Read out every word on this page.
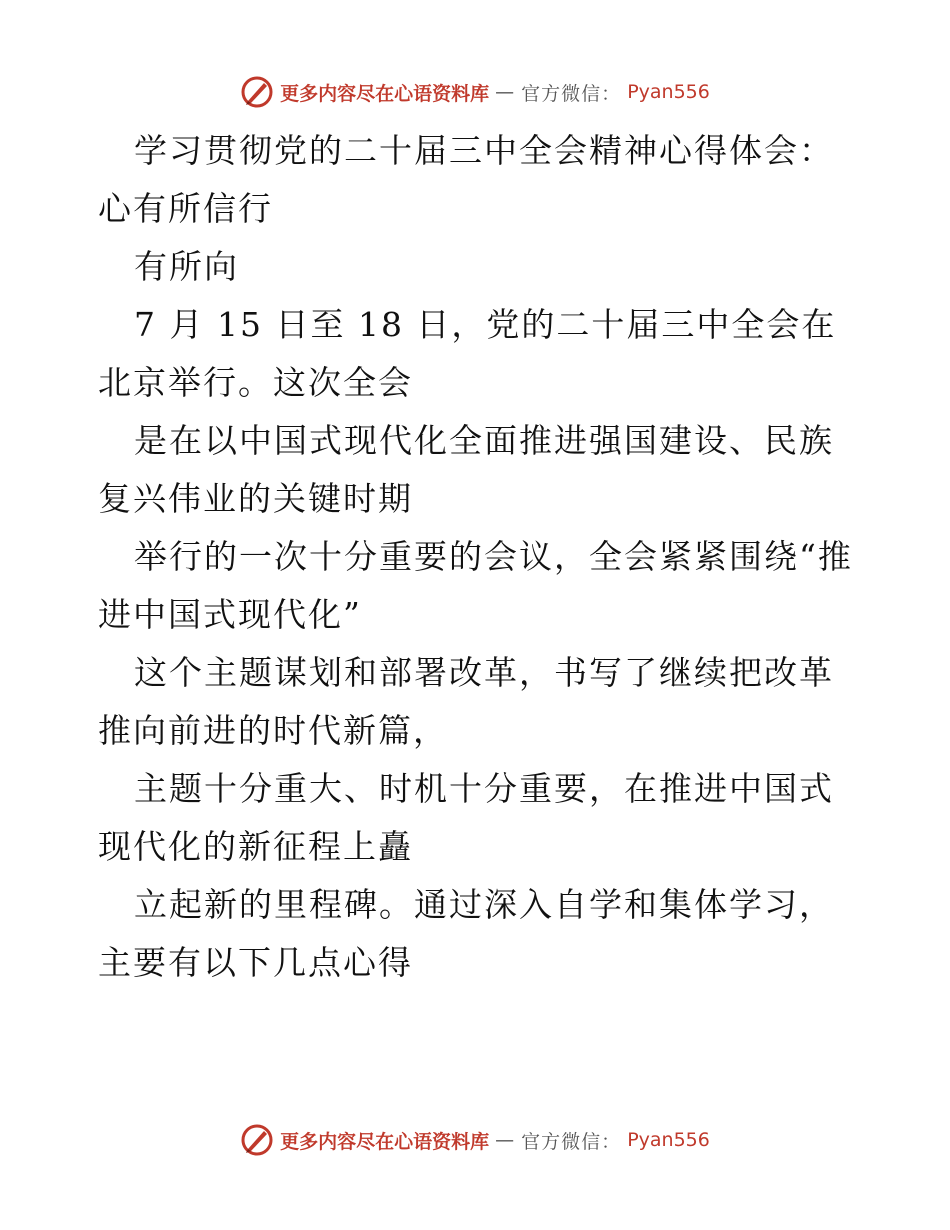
更多内容尽在心语资料库 — 官方微信： Pyan556

学习贯彻党的二十届三中全会精神心得体会：心有所信行

有所向

7 月 15 日至 18 日，党的二十届三中全会在北京举行。这次全会

是在以中国式现代化全面推进强国建设、民族复兴伟业的关键时期

举行的一次十分重要的会议，全会紧紧围绕“推进中国式现代化”

这个主题谋划和部署改革，书写了继续把改革推向前进的时代新篇，

主题十分重大、时机十分重要，在推进中国式现代化的新征程上矗

立起新的里程碑。通过深入自学和集体学习，主要有以下几点心得

更多内容尽在心语资料库 — 官方微信： Pyan556
